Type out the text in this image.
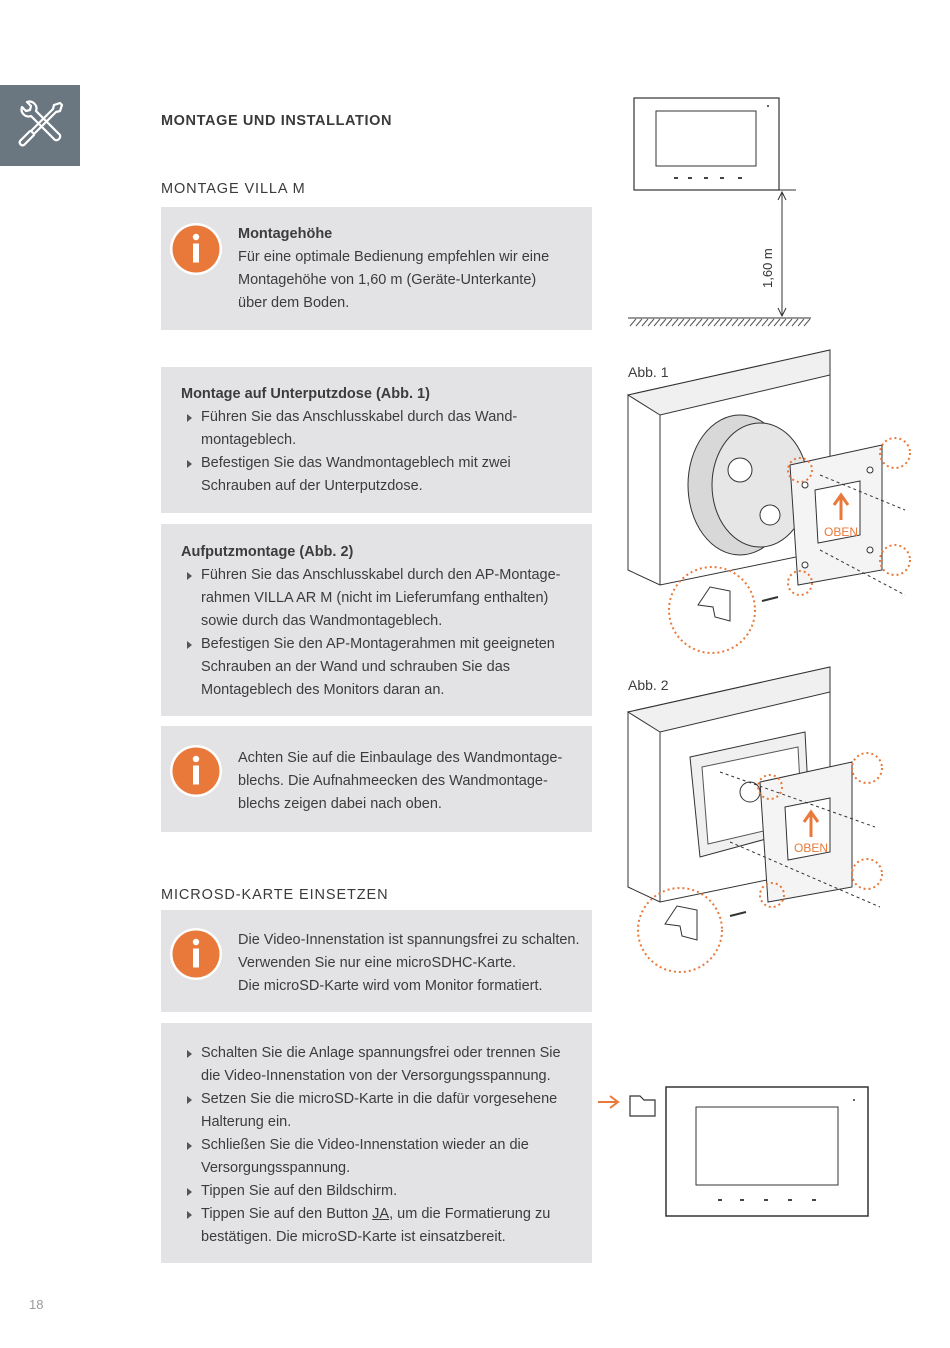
MONTAGE UND INSTALLATION
MONTAGE VILLA M
Montagehöhe
Für eine optimale Bedienung empfehlen wir eine
Montagehöhe von 1,60 m (Geräte-Unterkante)
über dem Boden.
Montage auf Unterputzdose (Abb. 1)
Führen Sie das Anschlusskabel durch das Wand-
montageblech.
Befestigen Sie das Wandmontageblech mit zwei
Schrauben auf der Unterputzdose.
Aufputzmontage (Abb. 2)
Führen Sie das Anschlusskabel durch den AP-Montage-
rahmen VILLA AR M (nicht im Lieferumfang enthalten)
sowie durch das Wandmontageblech.
Befestigen Sie den AP-Montagerahmen mit geeigneten
Schrauben an der Wand und schrauben Sie das
Montageblech des Monitors daran an.
Achten Sie auf die Einbaulage des Wandmontage-
blechs. Die Aufnahmeecken des Wandmontage-
blechs zeigen dabei nach oben.
MICROSD-KARTE EINSETZEN
Die Video-Innenstation ist spannungsfrei zu schalten.
Verwenden Sie nur eine microSDHC-Karte.
Die microSD-Karte wird vom Monitor formatiert.
Schalten Sie die Anlage spannungsfrei oder trennen Sie
die Video-Innenstation von der Versorgungsspannung.
Setzen Sie die microSD-Karte in die dafür vorgesehene
Halterung ein.
Schließen Sie die Video-Innenstation wieder an die
Versorgungsspannung.
Tippen Sie auf den Bildschirm.
Tippen Sie auf den Button JA, um die Formatierung zu
bestätigen. Die microSD-Karte ist einsatzbereit.
1,60 m
Abb. 1
OBEN
Abb. 2
OBEN
18
